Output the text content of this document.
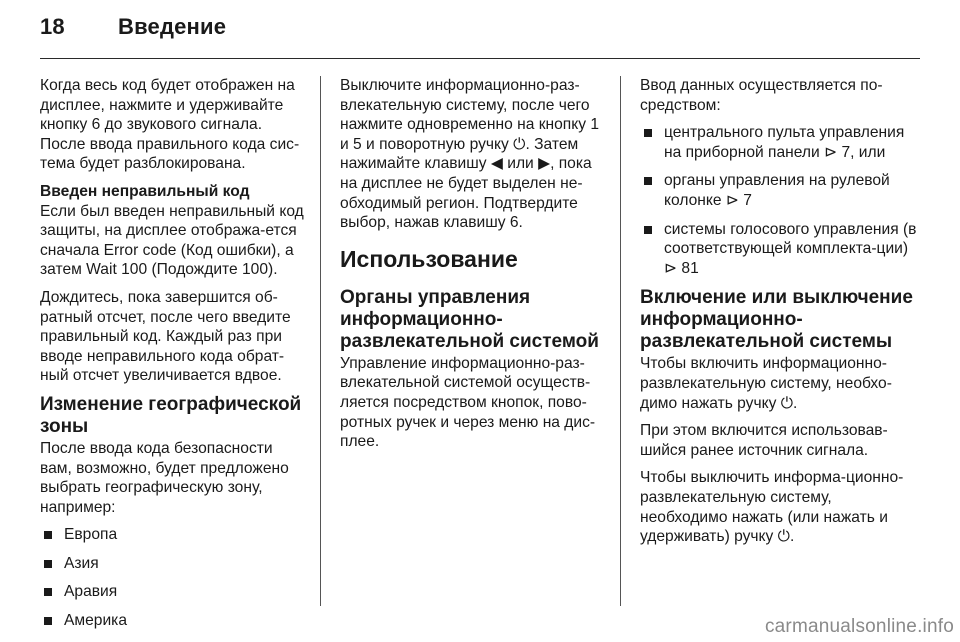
18 Введение

Когда весь код будет отображен на дисплее, нажмите и удерживайте кнопку 6 до звукового сигнала. После ввода правильного кода сис-тема будет разблокирована.

Введен неправильный код

Если был введен неправильный код защиты, на дисплее отобража-ется сначала Error code (Код ошибки), а затем Wait 100 (Подождите 100).

Дождитесь, пока завершится об-ратный отсчет, после чего введите правильный код. Каждый раз при вводе неправильного кода обрат-ный отсчет увеличивается вдвое.

Изменение географической зоны

После ввода кода безопасности вам, возможно, будет предложено выбрать географическую зону, например:

Европа
Азия
Аравия
Америка

Выключите информационно-раз-влекательную систему, после чего нажмите одновременно на кнопку 1 и 5 и поворотную ручку ⏻. Затем нажимайте клавишу ◀ или ▶, пока на дисплее не будет выделен не-обходимый регион. Подтвердите выбор, нажав клавишу 6.

Использование
Органы управления информационно-развлекательной системой

Управление информационно-раз-влекательной системой осуществ-ляется посредством кнопок, пово-ротных ручек и через меню на дис-плее.

Ввод данных осуществляется по-средством:

центрального пульта управления на приборной панели ⊳ 7, или
органы управления на рулевой колонке ⊳ 7
системы голосового управления (в соответствующей комплекта-ции) ⊳ 81
Включение или выключение информационно-развлекательной системы

Чтобы включить информационно-развлекательную систему, необхо-димо нажать ручку ⏻.

При этом включится использовав-шийся ранее источник сигнала.

Чтобы выключить информа-ционно-развлекательную систему, необходимо нажать (или нажать и удерживать) ручку ⏻.

carmanualsonline.info
